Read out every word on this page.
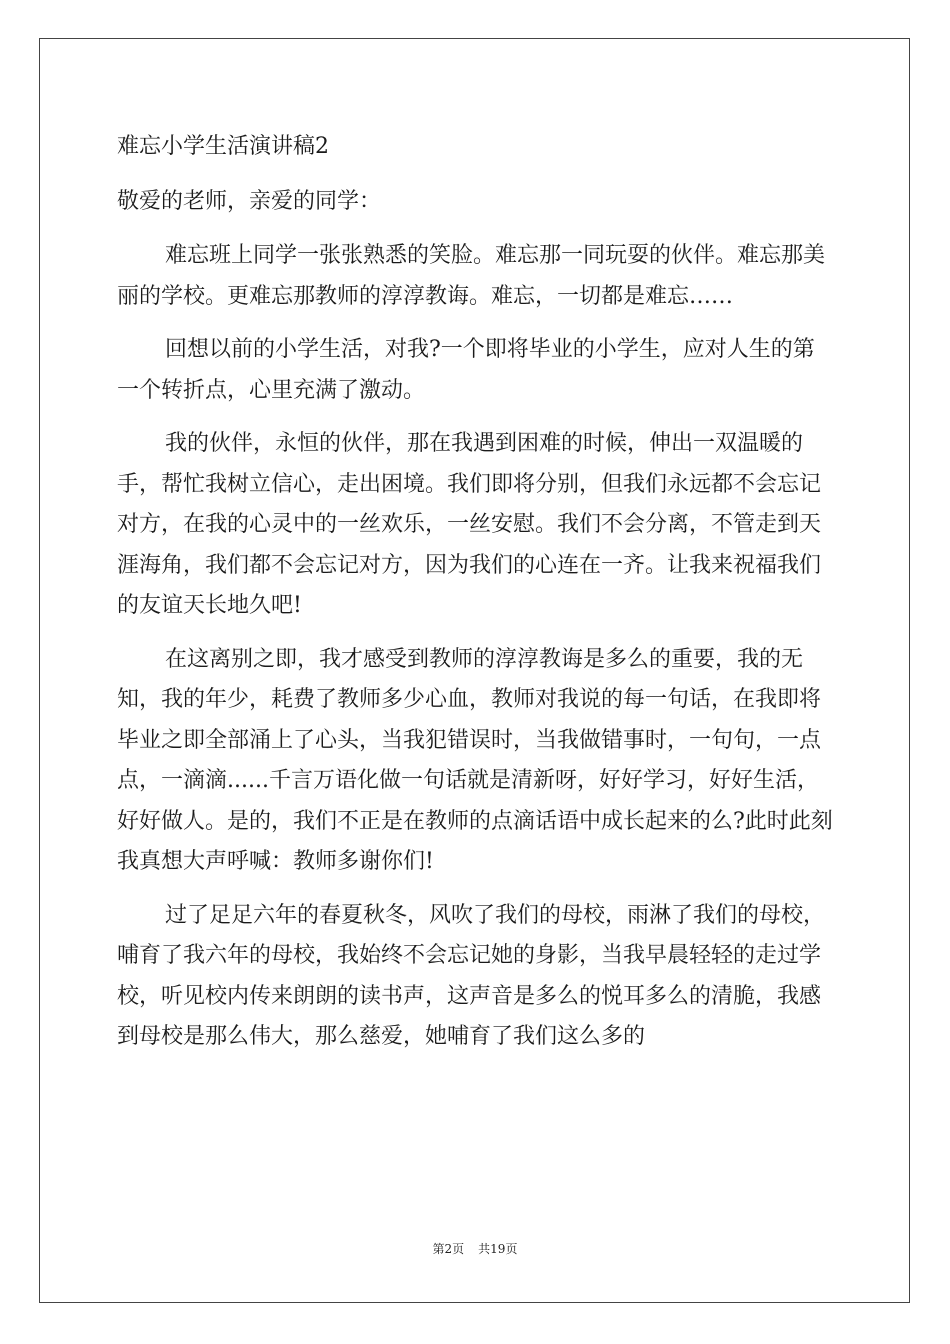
难忘小学生活演讲稿2
敬爱的老师，亲爱的同学：

难忘班上同学一张张熟悉的笑脸。难忘那一同玩耍的伙伴。难忘那美丽的学校。更难忘那教师的淳淳教诲。难忘，一切都是难忘……

回想以前的小学生活，对我?一个即将毕业的小学生，应对人生的第一个转折点，心里充满了激动。

我的伙伴，永恒的伙伴，那在我遇到困难的时候，伸出一双温暖的手，帮忙我树立信心，走出困境。我们即将分别，但我们永远都不会忘记对方，在我的心灵中的一丝欢乐，一丝安慰。我们不会分离，不管走到天涯海角，我们都不会忘记对方，因为我们的心连在一齐。让我来祝福我们的友谊天长地久吧!

在这离别之即，我才感受到教师的淳淳教诲是多么的重要，我的无知，我的年少，耗费了教师多少心血，教师对我说的每一句话，在我即将毕业之即全部涌上了心头，当我犯错误时，当我做错事时，一句句，一点点，一滴滴......千言万语化做一句话就是清新呀，好好学习，好好生活，好好做人。是的，我们不正是在教师的点滴话语中成长起来的么?此时此刻我真想大声呼喊：教师多谢你们!

过了足足六年的春夏秋冬，风吹了我们的母校，雨淋了我们的母校，哺育了我六年的母校，我始终不会忘记她的身影，当我早晨轻轻的走过学校，听见校内传来朗朗的读书声，这声音是多么的悦耳多么的清脆，我感到母校是那么伟大，那么慈爱，她哺育了我们这么多的

第2页 共19页
